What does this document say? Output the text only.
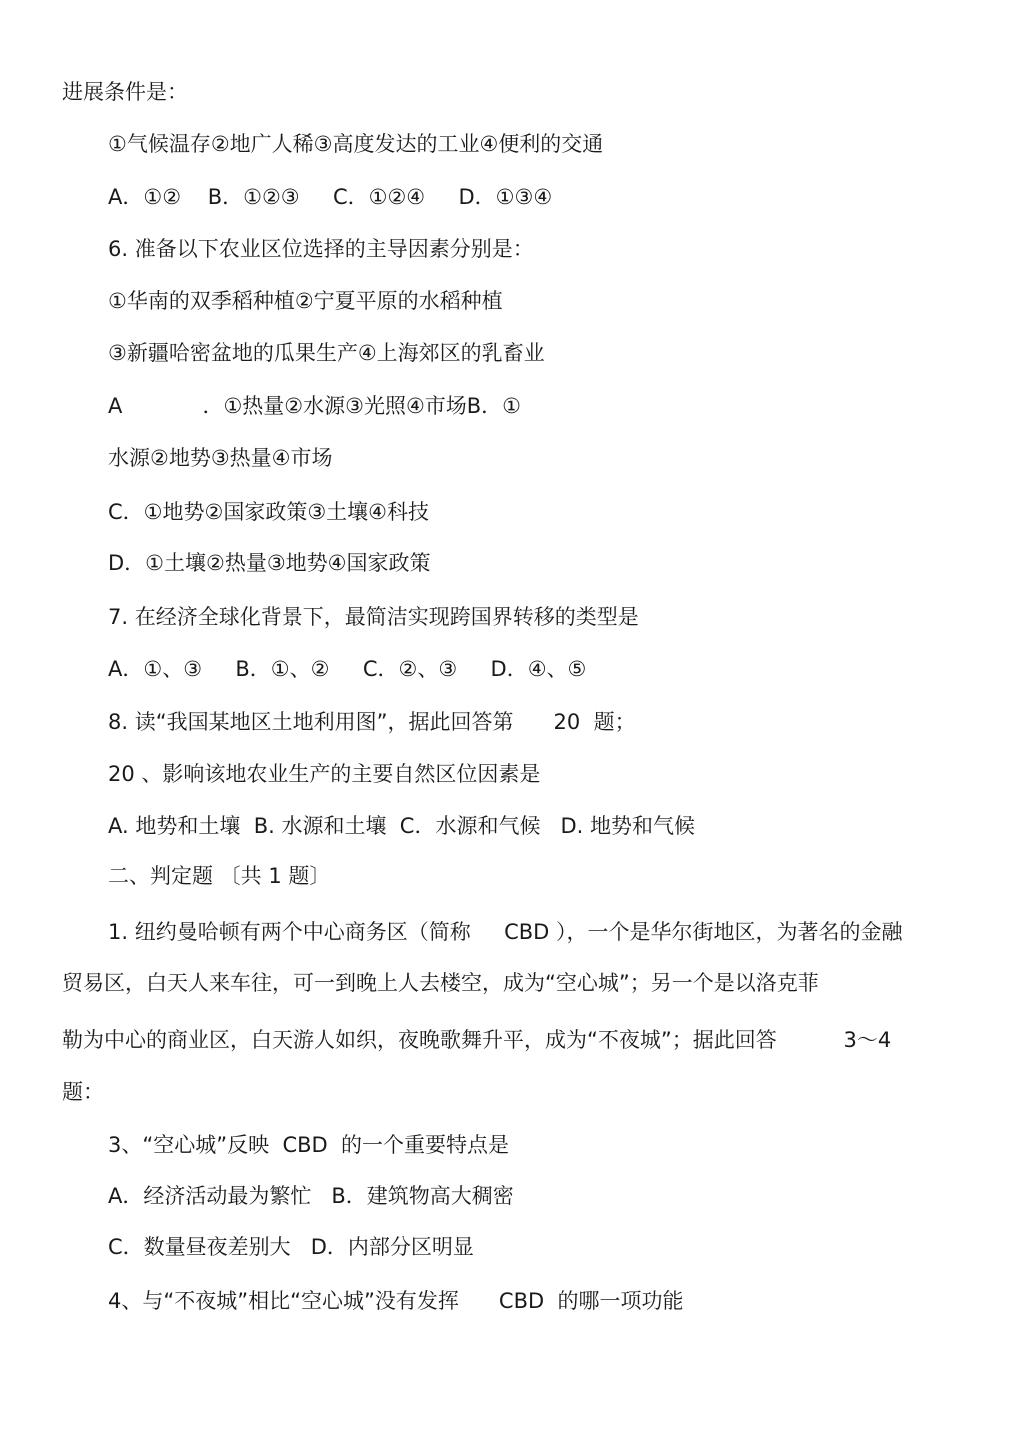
进展条件是：
①气候温存②地广人稀③高度发达的工业④便利的交通
A．①②    B．①②③     C．①②④     D．①③④
6. 准备以下农业区位选择的主导因素分别是：
①华南的双季稻种植②宁夏平原的水稻种植
③新疆哈密盆地的瓜果生产④上海郊区的乳畜业
A            ．①热量②水源③光照④市场B．①
水源②地势③热量④市场
C．①地势②国家政策③土壤④科技
D．①土壤②热量③地势④国家政策
7. 在经济全球化背景下，最简洁实现跨国界转移的类型是
A．①、③     B．①、②     C．②、③     D．④、⑤
8. 读“我国某地区土地利用图”，据此回答第      20  题；
20 、影响该地农业生产的主要自然区位因素是
A. 地势和土壤  B. 水源和土壤  C．水源和气候   D. 地势和气候
二、判定题 〔共 1 题〕
1. 纽约曼哈顿有两个中心商务区（简称     CBD ），一个是华尔街地区，为著名的金融
贸易区，白天人来车往，可一到晚上人去楼空，成为“空心城”；另一个是以洛克菲
勒为中心的商业区，白天游人如织，夜晚歌舞升平，成为“不夜城”；据此回答          3～4
题：
3、“空心城”反映  CBD  的一个重要特点是
A．经济活动最为繁忙   B．建筑物高大稠密
C．数量昼夜差别大   D．内部分区明显
4、与“不夜城”相比“空心城”没有发挥      CBD  的哪一项功能
